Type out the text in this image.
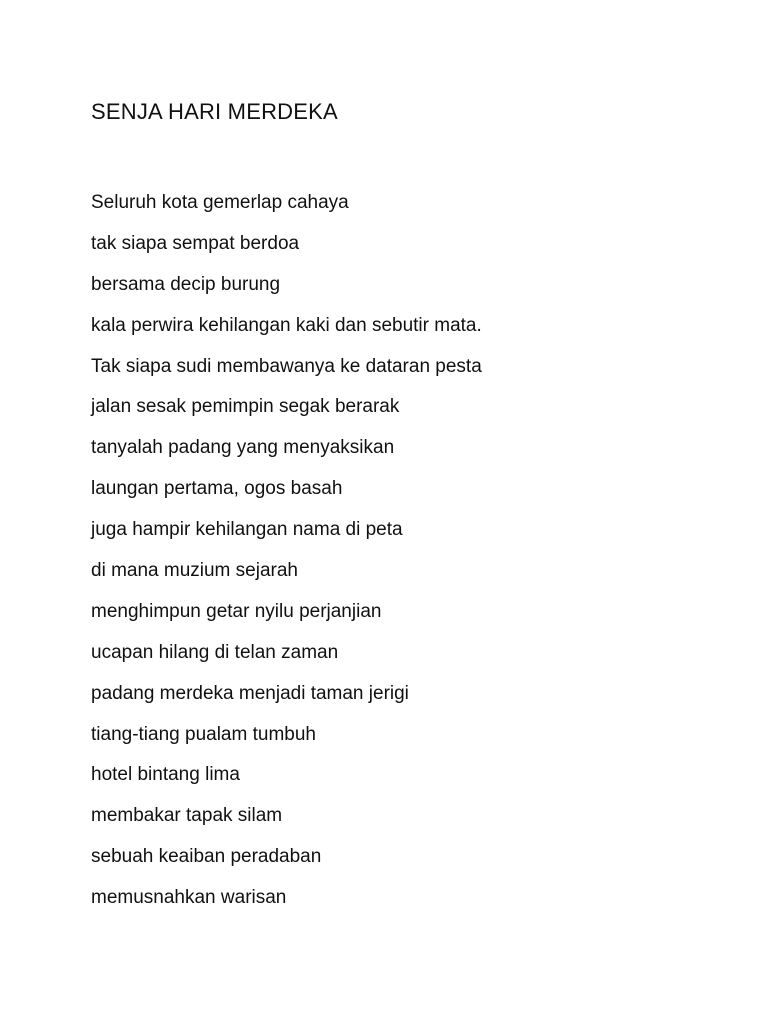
SENJA HARI MERDEKA
Seluruh kota gemerlap cahaya
tak siapa sempat berdoa
bersama decip burung
kala perwira kehilangan kaki dan sebutir mata.
Tak siapa sudi membawanya ke dataran pesta
jalan sesak pemimpin segak berarak
tanyalah padang yang menyaksikan
laungan pertama, ogos basah
juga hampir kehilangan nama di peta
di mana muzium sejarah
menghimpun getar nyilu perjanjian
ucapan hilang di telan zaman
padang merdeka menjadi taman jerigi
tiang-tiang pualam tumbuh
hotel bintang lima
membakar tapak silam
sebuah keaiban peradaban
memusnahkan warisan
